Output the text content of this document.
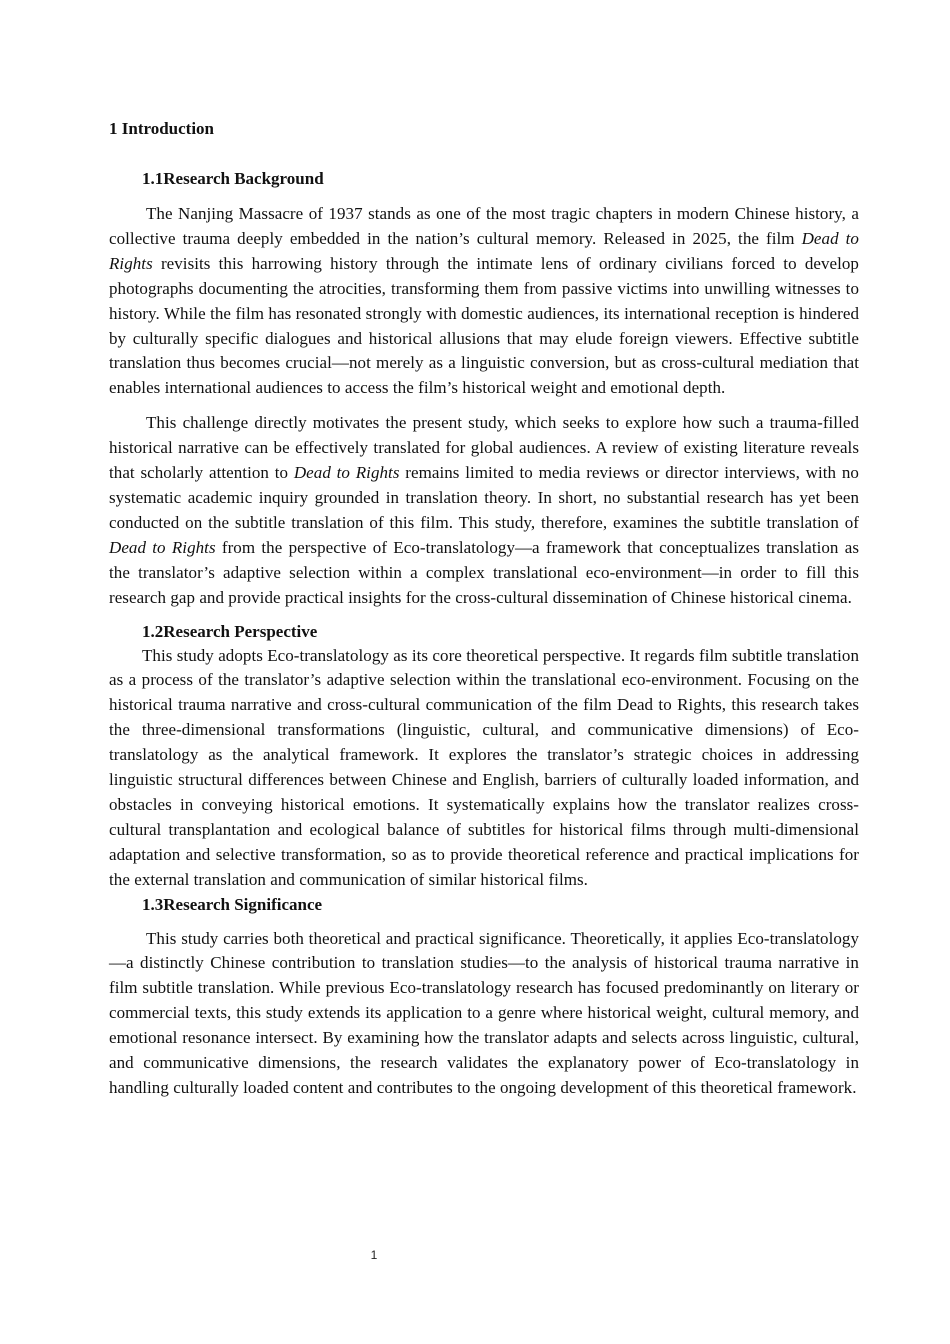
1 Introduction

1.1Research Background

The Nanjing Massacre of 1937 stands as one of the most tragic chapters in modern Chinese history, a collective trauma deeply embedded in the nation’s cultural memory. Released in 2025, the film Dead to Rights revisits this harrowing history through the intimate lens of ordinary civilians forced to develop photographs documenting the atrocities, transforming them from passive victims into unwilling witnesses to history. While the film has resonated strongly with domestic audiences, its international reception is hindered by culturally specific dialogues and historical allusions that may elude foreign viewers. Effective subtitle translation thus becomes crucial—not merely as a linguistic conversion, but as cross-cultural mediation that enables international audiences to access the film’s historical weight and emotional depth.

This challenge directly motivates the present study, which seeks to explore how such a trauma-filled historical narrative can be effectively translated for global audiences. A review of existing literature reveals that scholarly attention to Dead to Rights remains limited to media reviews or director interviews, with no systematic academic inquiry grounded in translation theory. In short, no substantial research has yet been conducted on the subtitle translation of this film. This study, therefore, examines the subtitle translation of Dead to Rights from the perspective of Eco-translatology—a framework that conceptualizes translation as the translator’s adaptive selection within a complex translational eco-environment—in order to fill this research gap and provide practical insights for the cross-cultural dissemination of Chinese historical cinema.

1.2Research Perspective

This study adopts Eco-translatology as its core theoretical perspective. It regards film subtitle translation as a process of the translator’s adaptive selection within the translational eco-environment. Focusing on the historical trauma narrative and cross-cultural communication of the film Dead to Rights, this research takes the three-dimensional transformations (linguistic, cultural, and communicative dimensions) of Eco-translatology as the analytical framework. It explores the translator’s strategic choices in addressing linguistic structural differences between Chinese and English, barriers of culturally loaded information, and obstacles in conveying historical emotions. It systematically explains how the translator realizes cross-cultural transplantation and ecological balance of subtitles for historical films through multi-dimensional adaptation and selective transformation, so as to provide theoretical reference and practical implications for the external translation and communication of similar historical films.

1.3Research Significance

This study carries both theoretical and practical significance. Theoretically, it applies Eco-translatology—a distinctly Chinese contribution to translation studies—to the analysis of historical trauma narrative in film subtitle translation. While previous Eco-translatology research has focused predominantly on literary or commercial texts, this study extends its application to a genre where historical weight, cultural memory, and emotional resonance intersect. By examining how the translator adapts and selects across linguistic, cultural, and communicative dimensions, the research validates the explanatory power of Eco-translatology in handling culturally loaded content and contributes to the ongoing development of this theoretical framework.

1
